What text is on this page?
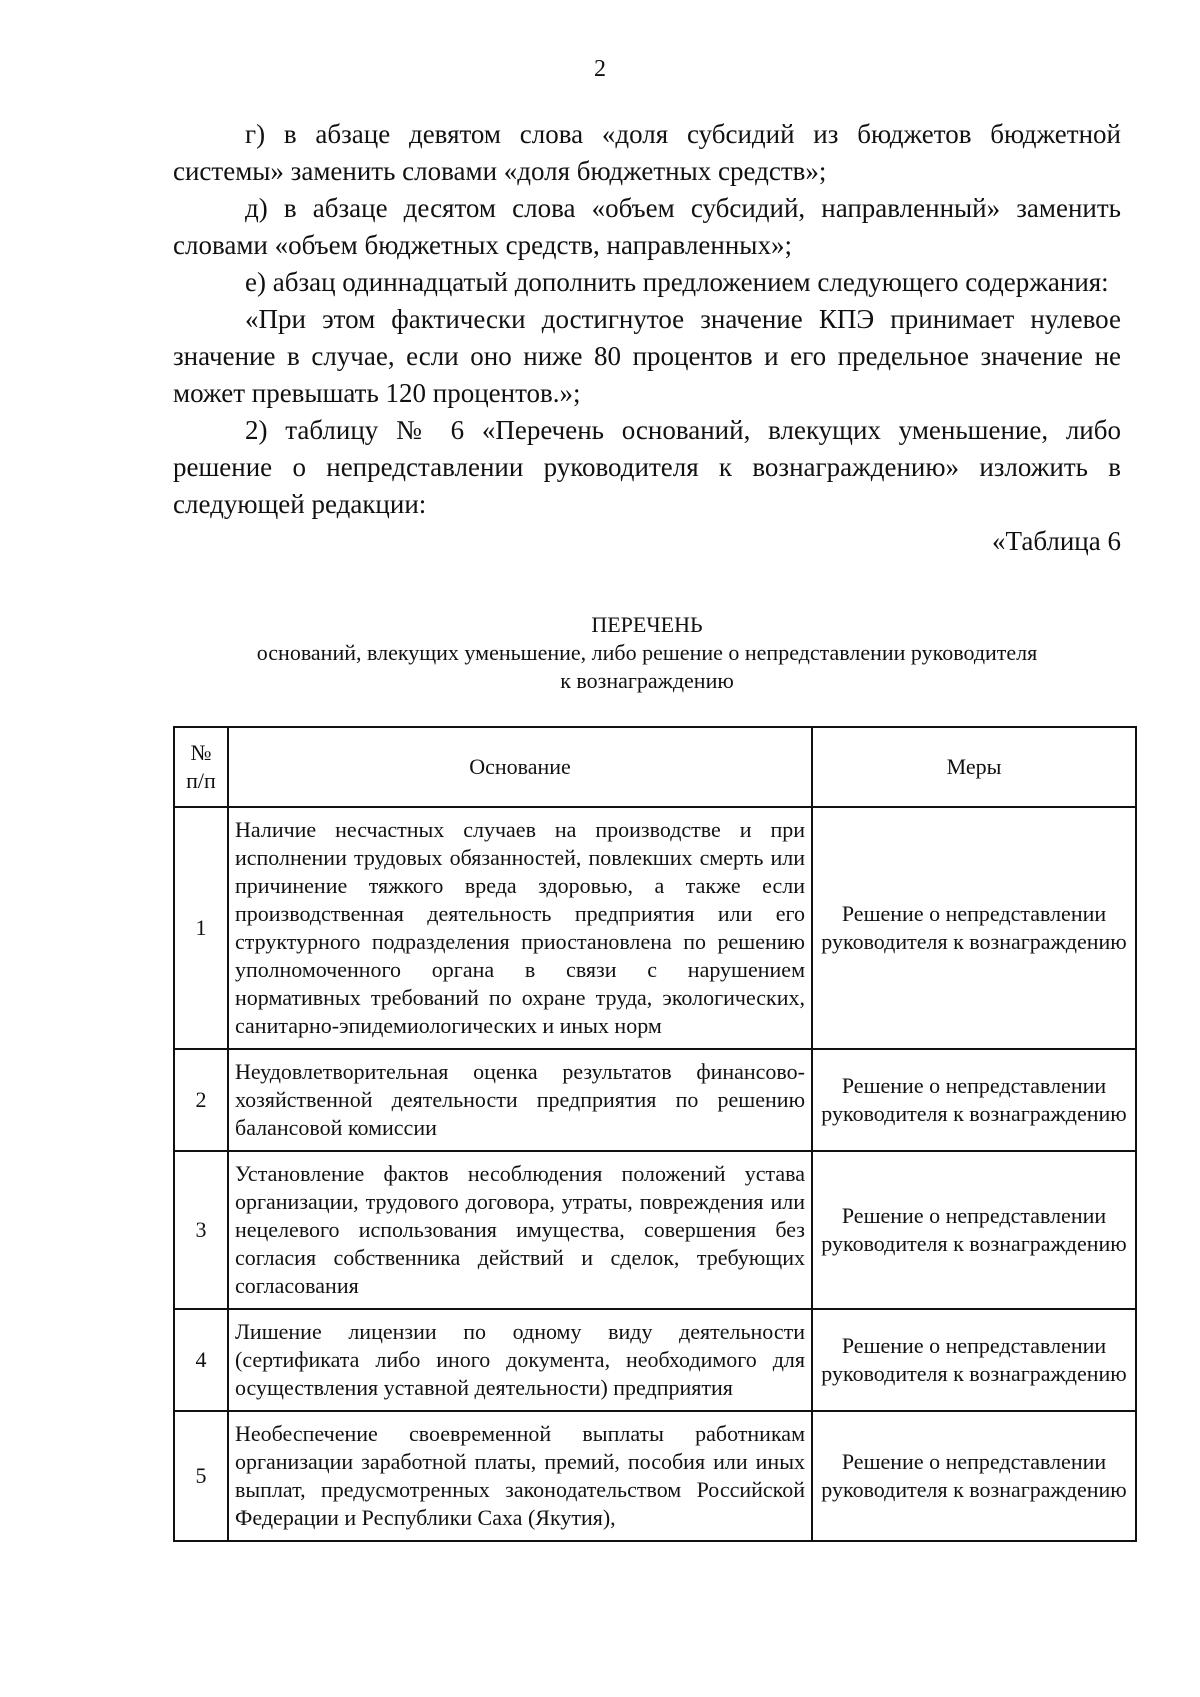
2

г) в абзаце девятом слова «доля субсидий из бюджетов бюджетной системы» заменить словами «доля бюджетных средств»;

д) в абзаце десятом слова «объем субсидий, направленный» заменить словами «объем бюджетных средств, направленных»;

е) абзац одиннадцатый дополнить предложением следующего содержания:

«При этом фактически достигнутое значение КПЭ принимает нулевое значение в случае, если оно ниже 80 процентов и его предельное значение не может превышать 120 процентов.»;

2) таблицу № 6 «Перечень оснований, влекущих уменьшение, либо решение о непредставлении руководителя к вознаграждению» изложить в следующей редакции:

«Таблица 6

ПЕРЕЧЕНЬ
оснований, влекущих уменьшение, либо решение о непредставлении руководителя
к вознаграждению
№ п/п	Основание	Меры
1	Наличие несчастных случаев на производстве и при исполнении трудовых обязанностей, повлекших смерть или причинение тяжкого вреда здоровью, а также если производственная деятельность предприятия или его структурного подразделения приостановлена по решению уполномоченного органа в связи с нарушением нормативных требований по охране труда, экологических, санитарно-эпидемиологических и иных норм	Решение о непредставлении руководителя к вознаграждению
2	Неудовлетворительная оценка результатов финансово-хозяйственной деятельности предприятия по решению балансовой комиссии	Решение о непредставлении руководителя к вознаграждению
3	Установление фактов несоблюдения положений устава организации, трудового договора, утраты, повреждения или нецелевого использования имущества, совершения без согласия собственника действий и сделок, требующих согласования	Решение о непредставлении руководителя к вознаграждению
4	Лишение лицензии по одному виду деятельности (сертификата либо иного документа, необходимого для осуществления уставной деятельности) предприятия	Решение о непредставлении руководителя к вознаграждению
5	Необеспечение своевременной выплаты работникам организации заработной платы, премий, пособия или иных выплат, предусмотренных законодательством Российской Федерации и Республики Саха (Якутия),	Решение о непредставлении руководителя к вознаграждению
